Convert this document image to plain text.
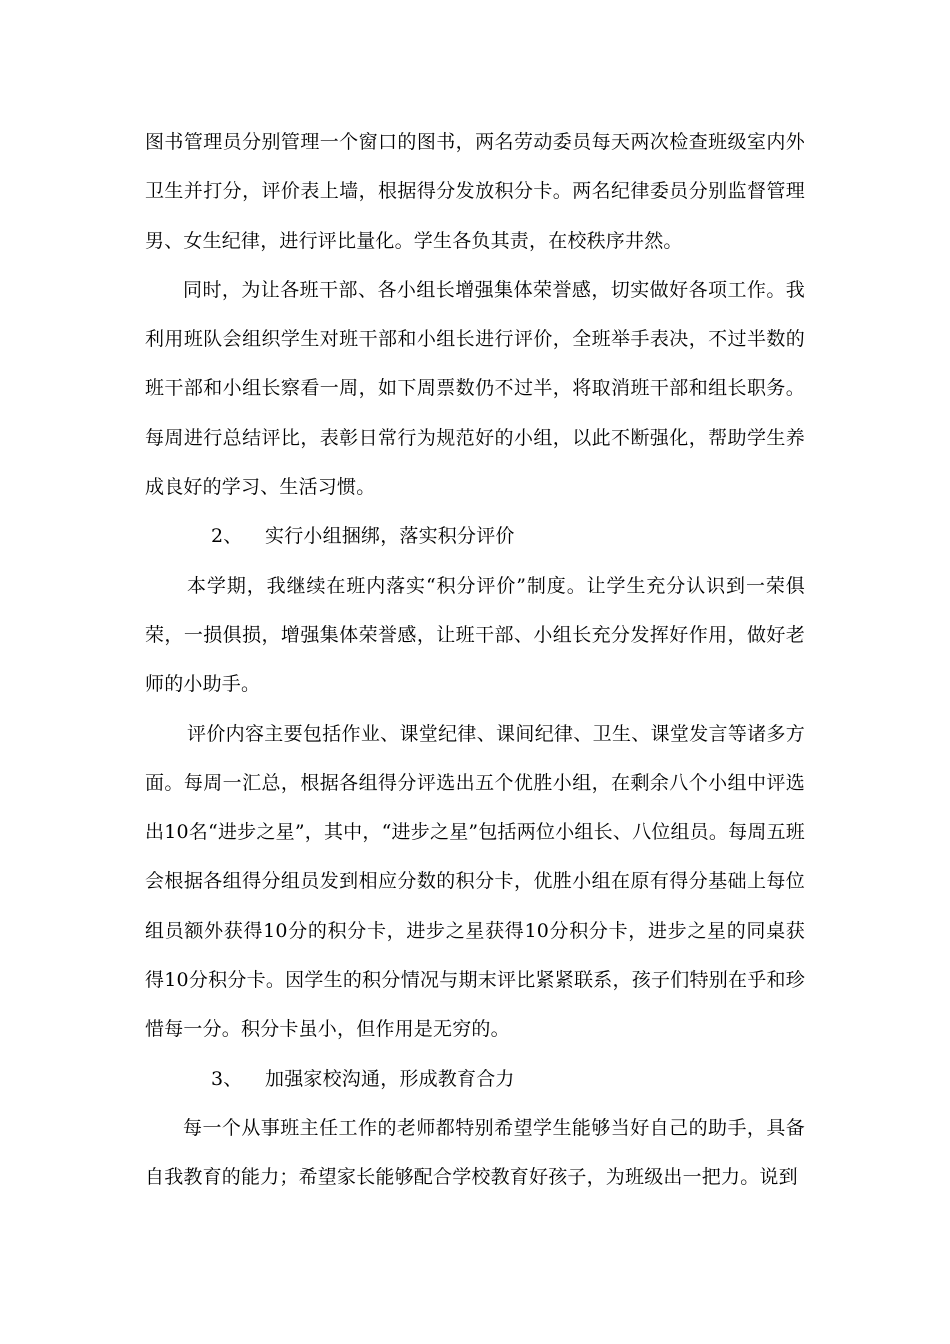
图书管理员分别管理一个窗口的图书，两名劳动委员每天两次检查班级室内外卫生并打分，评价表上墙，根据得分发放积分卡。两名纪律委员分别监督管理男、女生纪律，进行评比量化。学生各负其责，在校秩序井然。

同时，为让各班干部、各小组长增强集体荣誉感，切实做好各项工作。我利用班队会组织学生对班干部和小组长进行评价，全班举手表决，不过半数的班干部和小组长察看一周，如下周票数仍不过半，将取消班干部和组长职务。每周进行总结评比，表彰日常行为规范好的小组，以此不断强化，帮助学生养成良好的学习、生活习惯。

2、 实行小组捆绑，落实积分评价

本学期，我继续在班内落实“积分评价”制度。让学生充分认识到一荣俱荣，一损俱损，增强集体荣誉感，让班干部、小组长充分发挥好作用，做好老师的小助手。

评价内容主要包括作业、课堂纪律、课间纪律、卫生、课堂发言等诸多方面。每周一汇总，根据各组得分评选出五个优胜小组，在剩余八个小组中评选出10名“进步之星”，其中，“进步之星”包括两位小组长、八位组员。每周五班会根据各组得分组员发到相应分数的积分卡，优胜小组在原有得分基础上每位组员额外获得10分的积分卡，进步之星获得10分积分卡，进步之星的同桌获得10分积分卡。因学生的积分情况与期末评比紧紧联系，孩子们特别在乎和珍惜每一分。积分卡虽小，但作用是无穷的。

3、 加强家校沟通，形成教育合力

每一个从事班主任工作的老师都特别希望学生能够当好自己的助手，具备自我教育的能力；希望家长能够配合学校教育好孩子，为班级出一把力。说到
